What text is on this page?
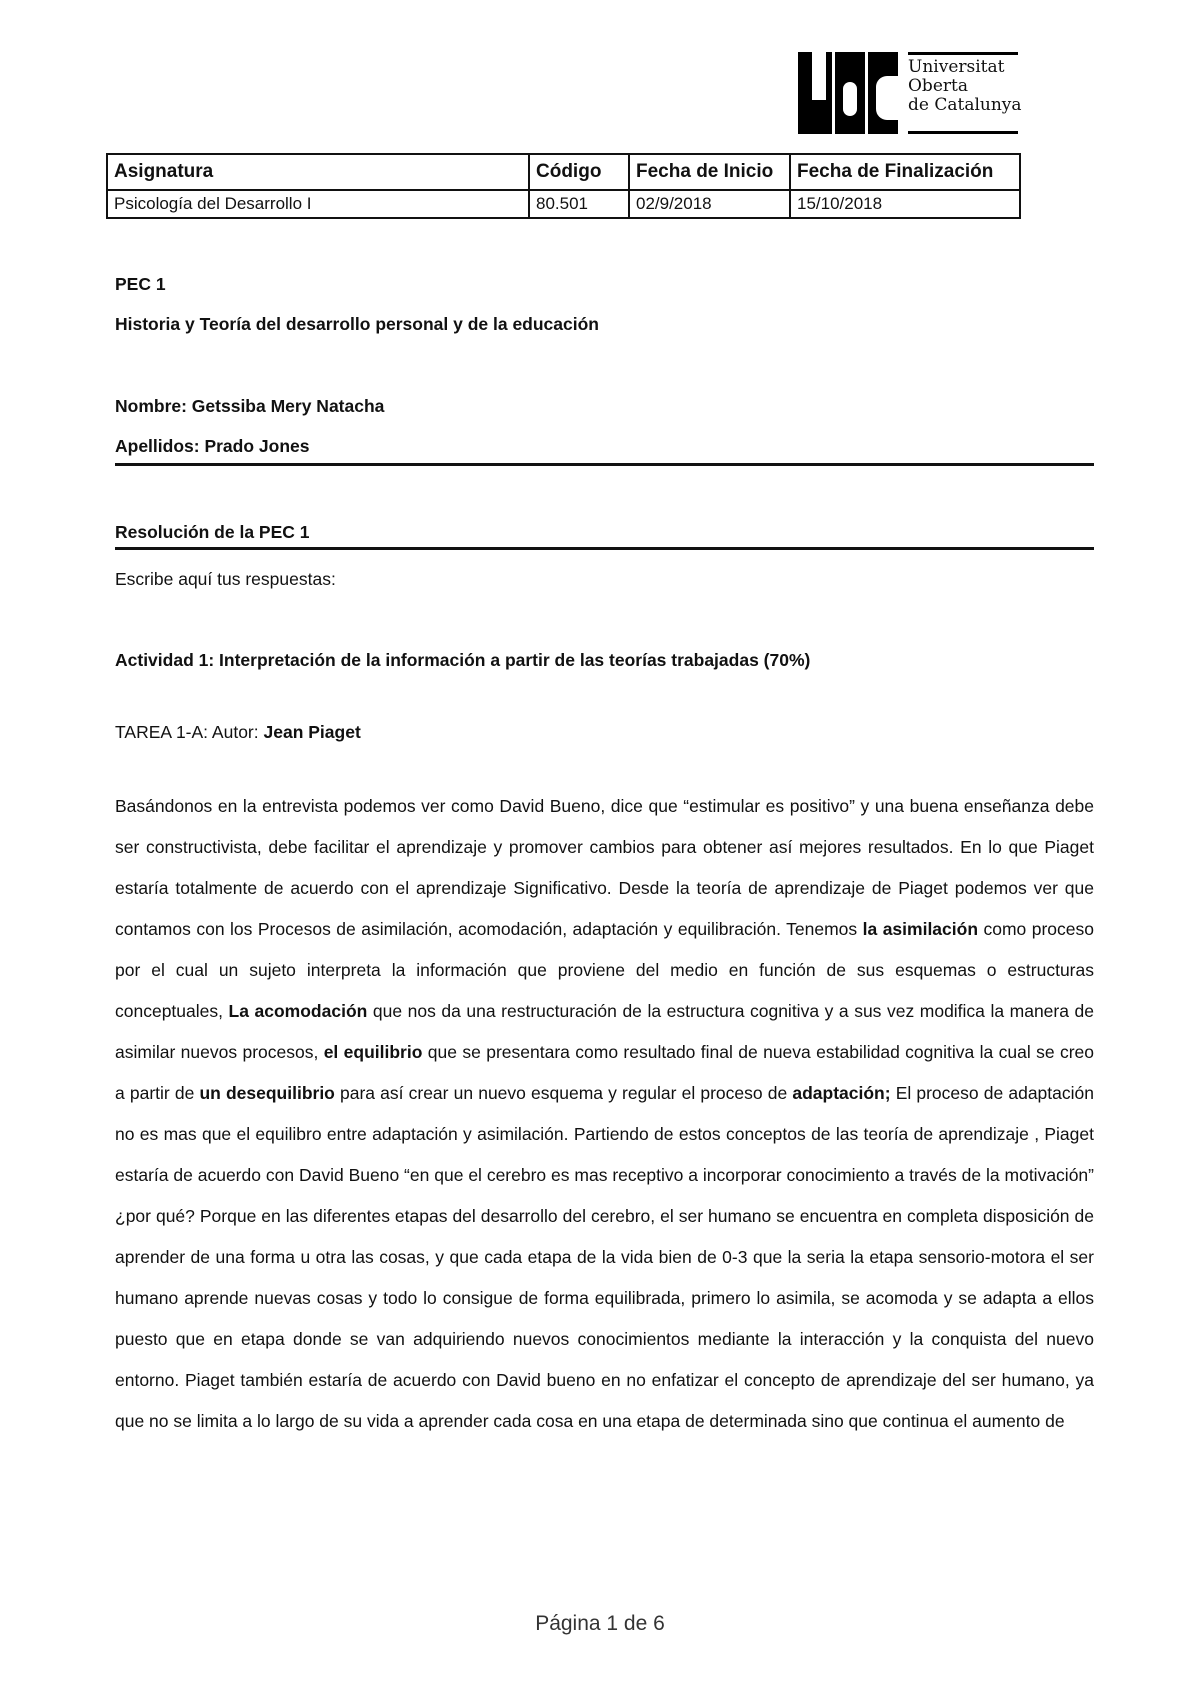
Universitat
Oberta
de Catalunya
Asignatura	Código	Fecha de Inicio	Fecha de Finalización
Psicología del Desarrollo I	80.501	02/9/2018	15/10/2018
PEC 1
Historia y Teoría del desarrollo personal y de la educación
Nombre: Getssiba Mery Natacha
Apellidos: Prado Jones
Resolución de la PEC 1
Escribe aquí tus respuestas:
Actividad 1: Interpretación de la información a partir de las teorías trabajadas (70%)
TAREA 1-A: Autor: Jean Piaget
Basándonos en la entrevista podemos ver como David Bueno, dice que “estimular es positivo” y una buena enseñanza debe ser constructivista, debe facilitar el aprendizaje y promover cambios para obtener así mejores resultados. En lo que Piaget estaría totalmente de acuerdo con el aprendizaje Significativo. Desde la teoría de aprendizaje de Piaget podemos ver que contamos con los Procesos de asimilación, acomodación, adaptación y equilibración. Tenemos la asimilación como proceso por el cual un sujeto interpreta la información que proviene del medio en función de sus esquemas o estructuras conceptuales, La acomodación que nos da una restructuración de la estructura cognitiva y a sus vez modifica la manera de asimilar nuevos procesos, el equilibrio que se presentara como resultado final de nueva estabilidad cognitiva la cual se creo a partir de un desequilibrio para así crear un nuevo esquema y regular el proceso de adaptación; El proceso de adaptación no es mas que el equilibro entre adaptación y asimilación. Partiendo de estos conceptos de las teoría de aprendizaje , Piaget estaría de acuerdo con David Bueno “en que el cerebro es mas receptivo a incorporar conocimiento a través de la motivación” ¿por qué? Porque en las diferentes etapas del desarrollo del cerebro, el ser humano se encuentra en completa disposición de aprender de una forma u otra las cosas, y que cada etapa de la vida bien de 0-3 que la seria la etapa sensorio-motora el ser humano aprende nuevas cosas y todo lo consigue de forma equilibrada, primero lo asimila, se acomoda y se adapta a ellos puesto que en etapa donde se van adquiriendo nuevos conocimientos mediante la interacción y la conquista del nuevo entorno. Piaget también estaría de acuerdo con David bueno en no enfatizar el concepto de aprendizaje del ser humano, ya que no se limita a lo largo de su vida a aprender cada cosa en una etapa de determinada sino que continua el aumento de
Página 1 de 6
